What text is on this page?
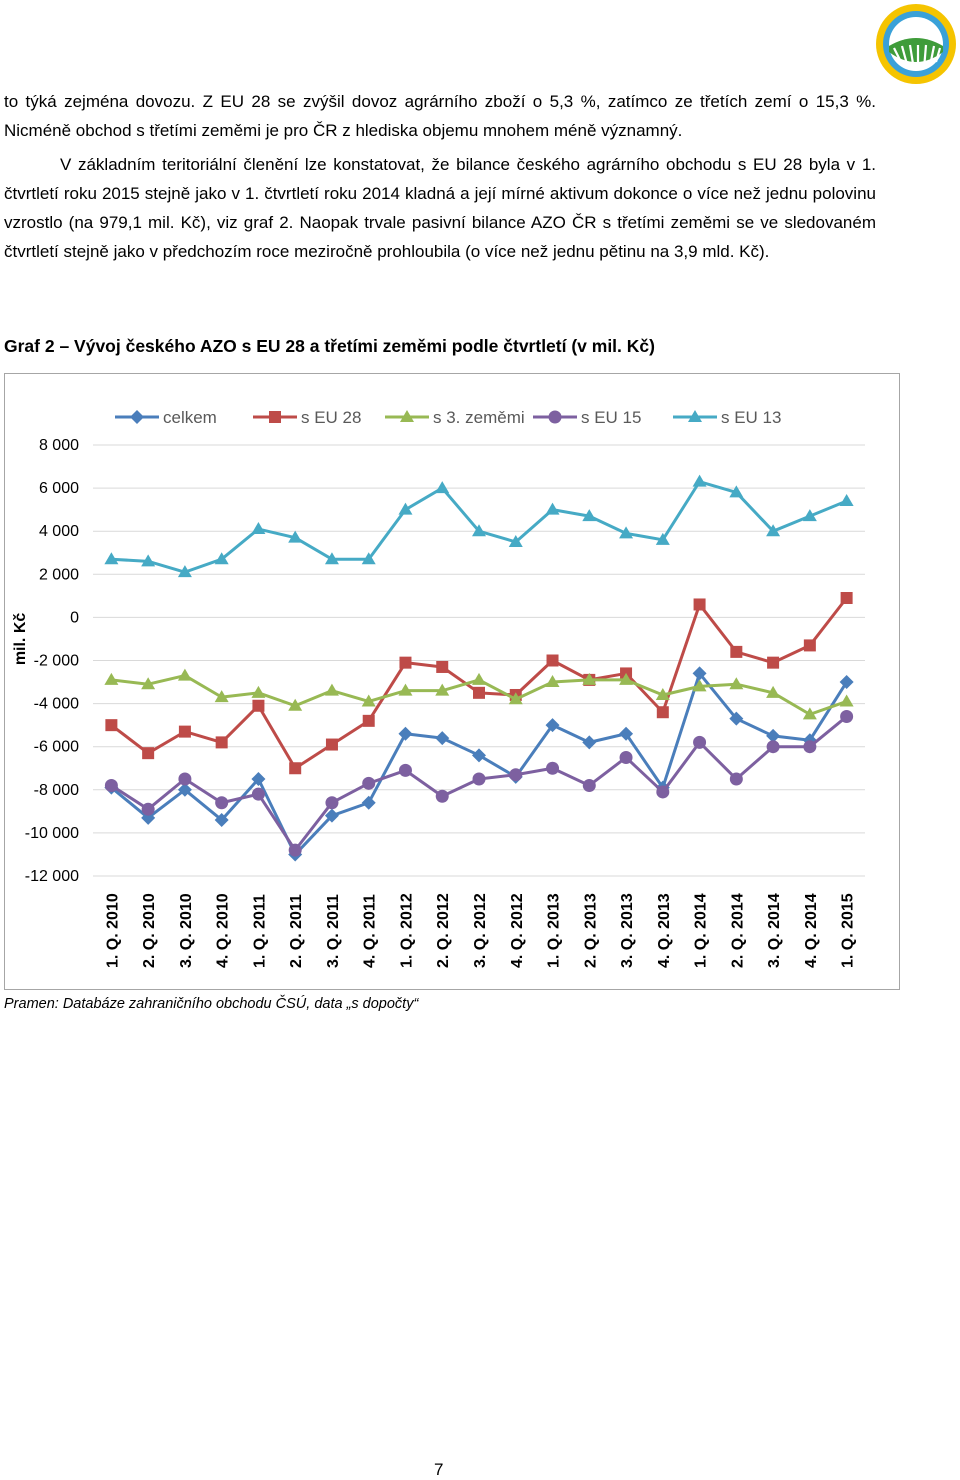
to týká zejména dovozu. Z EU 28 se zvýšil dovoz agrárního zboží o 5,3 %, zatímco ze třetích zemí o 15,3 %. Nicméně obchod s třetími zeměmi je pro ČR z hlediska objemu mnohem méně významný.

V základním teritoriální členění lze konstatovat, že bilance českého agrárního obchodu s EU 28 byla v 1. čtvrtletí roku 2015 stejně jako v 1. čtvrtletí roku 2014 kladná a její mírné aktivum dokonce o více než jednu polovinu vzrostlo (na 979,1 mil. Kč), viz graf 2. Naopak trvale pasivní bilance AZO ČR s třetími zeměmi se ve sledovaném čtvrtletí stejně jako v předchozím roce meziročně prohloubila (o více než jednu pětinu na 3,9 mld. Kč).

Graf 2 – Vývoj českého AZO s EU 28 a třetími zeměmi podle čtvrtletí (v mil. Kč)
8 000
6 000
4 000
2 000
0
-2 000
-4 000
-6 000
-8 000
-10 000
-12 000
mil. Kč
1. Q. 2010 2. Q. 2010 3. Q. 2010 4. Q. 2010 1. Q. 2011 2. Q. 2011 3. Q. 2011 4. Q. 2011 1. Q. 2012 2. Q. 2012 3. Q. 2012 4. Q. 2012 1. Q. 2013 2. Q. 2013 3. Q. 2013 4. Q. 2013 1. Q. 2014 2. Q. 2014 3. Q. 2014 4. Q. 2014 1. Q. 2015
celkem	s EU 28	s 3. zeměmi	s EU 15	s EU 13
Pramen: Databáze zahraničního obchodu ČSÚ, data „s dopočty“
7
